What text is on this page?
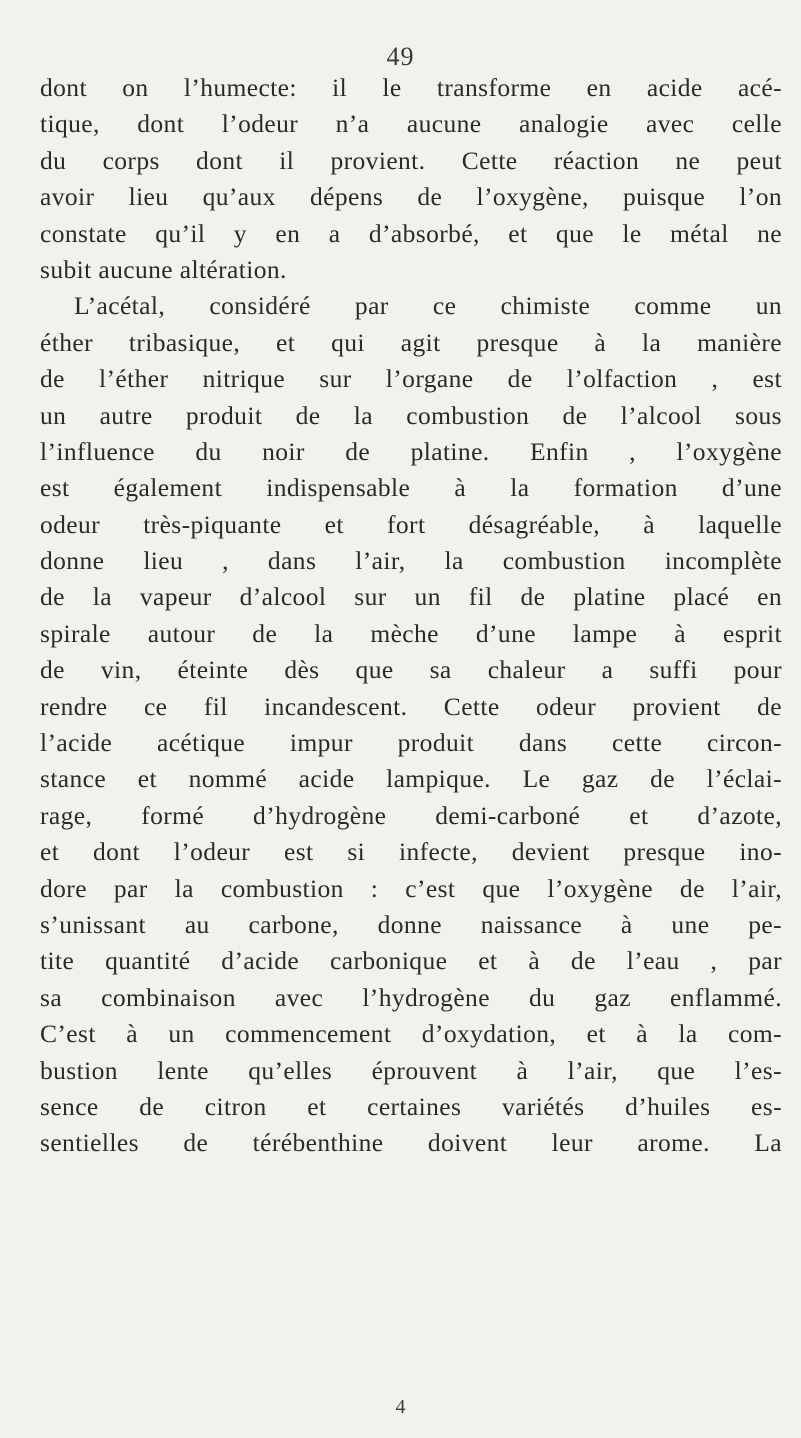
49
dont on l’humecte: il le transforme en acide acé-
tique, dont l’odeur n’a aucune analogie avec celle
du corps dont il provient. Cette réaction ne peut
avoir lieu qu’aux dépens de l’oxygène, puisque l’on
constate qu’il y en a d’absorbé, et que le métal ne
subit aucune altération.
L’acétal, considéré par ce chimiste comme un
éther tribasique, et qui agit presque à la manière
de l’éther nitrique sur l’organe de l’olfaction , est
un autre produit de la combustion de l’alcool sous
l’influence du noir de platine. Enfin , l’oxygène
est également indispensable à la formation d’une
odeur très-piquante et fort désagréable, à laquelle
donne lieu , dans l’air, la combustion incomplète
de la vapeur d’alcool sur un fil de platine placé en
spirale autour de la mèche d’une lampe à esprit
de vin, éteinte dès que sa chaleur a suffi pour
rendre ce fil incandescent. Cette odeur provient de
l’acide acétique impur produit dans cette circon-
stance et nommé acide lampique. Le gaz de l’éclai-
rage, formé d’hydrogène demi-carboné et d’azote,
et dont l’odeur est si infecte, devient presque ino-
dore par la combustion : c’est que l’oxygène de l’air,
s’unissant au carbone, donne naissance à une pe-
tite quantité d’acide carbonique et à de l’eau , par
sa combinaison avec l’hydrogène du gaz enflammé.
C’est à un commencement d’oxydation, et à la com-
bustion lente qu’elles éprouvent à l’air, que l’es-
sence de citron et certaines variétés d’huiles es-
sentielles de térébenthine doivent leur arome. La
4
